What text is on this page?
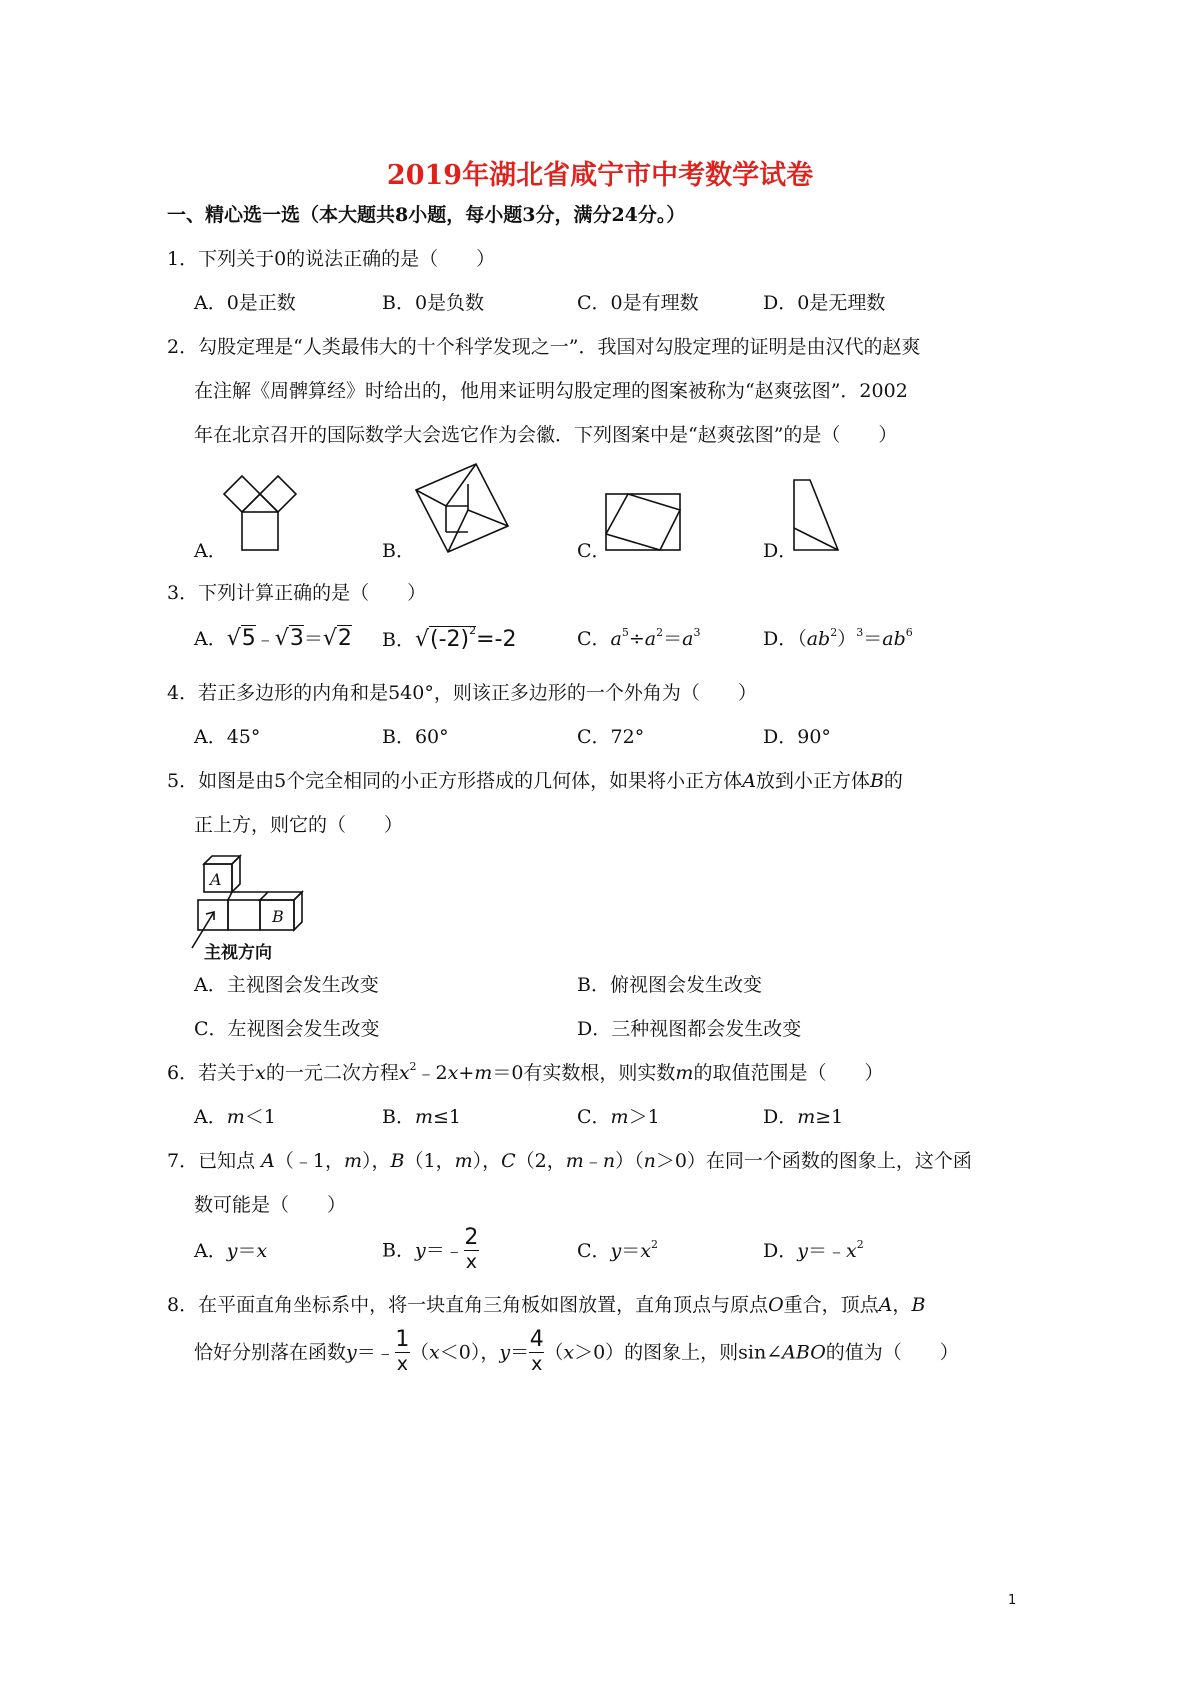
2019年湖北省咸宁市中考数学试卷
一、精心选一选（本大题共8小题，每小题3分，满分24分。）
1．下列关于0的说法正确的是（　　）
A．0是正数	B．0是负数	C．0是有理数	D．0是无理数
2．勾股定理是“人类最伟大的十个科学发现之一”．我国对勾股定理的证明是由汉代的赵爽
在注解《周髀算经》时给出的，他用来证明勾股定理的图案被称为“赵爽弦图”．2002
年在北京召开的国际数学大会选它作为会徽．下列图案中是“赵爽弦图”的是（　　）
A．	B．	C．	D．
3．下列计算正确的是（　　）
A．√5﹣√3＝√2 B．$√(-2)^2=-2$	C．$a^5\div a^2=a^3$	D．$(ab^2)^3=ab^6$
4．若正多边形的内角和是540°，则该正多边形的一个外角为（　　）
A．45°	B．60°	C．72°	D．90°
5．如图是由5个完全相同的小正方形搭成的几何体，如果将小正方体A放到小正方体B的
正上方，则它的（　　）
A
B
主视方向
A．主视图会发生改变	B．俯视图会发生改变
C．左视图会发生改变	D．三种视图都会发生改变
6．若关于x的一元二次方程$x^2﹣2x+m=0$有实数根，则实数m的取值范围是（　　）
A．m＜1	B．m≤1	C．m＞1	D．m≥1
7．已知点 A（﹣1，m），B（1，m），C（2，m﹣n）（n＞0）在同一个函数的图象上，这个函
数可能是（　　）
A．y＝x	B．y＝﹣ $\frac{2}{x}$	C．$y=x^2$	D．$y=﹣x^2$
8．在平面直角坐标系中，将一块直角三角板如图放置，直角顶点与原点O重合，顶点A，B
恰好分别落在函数y＝﹣ $\frac{1}{x} (x<0)$，$y= \frac{4}{x} (x>0)$的图象上，则sin∠ABO的值为（　　）
1
